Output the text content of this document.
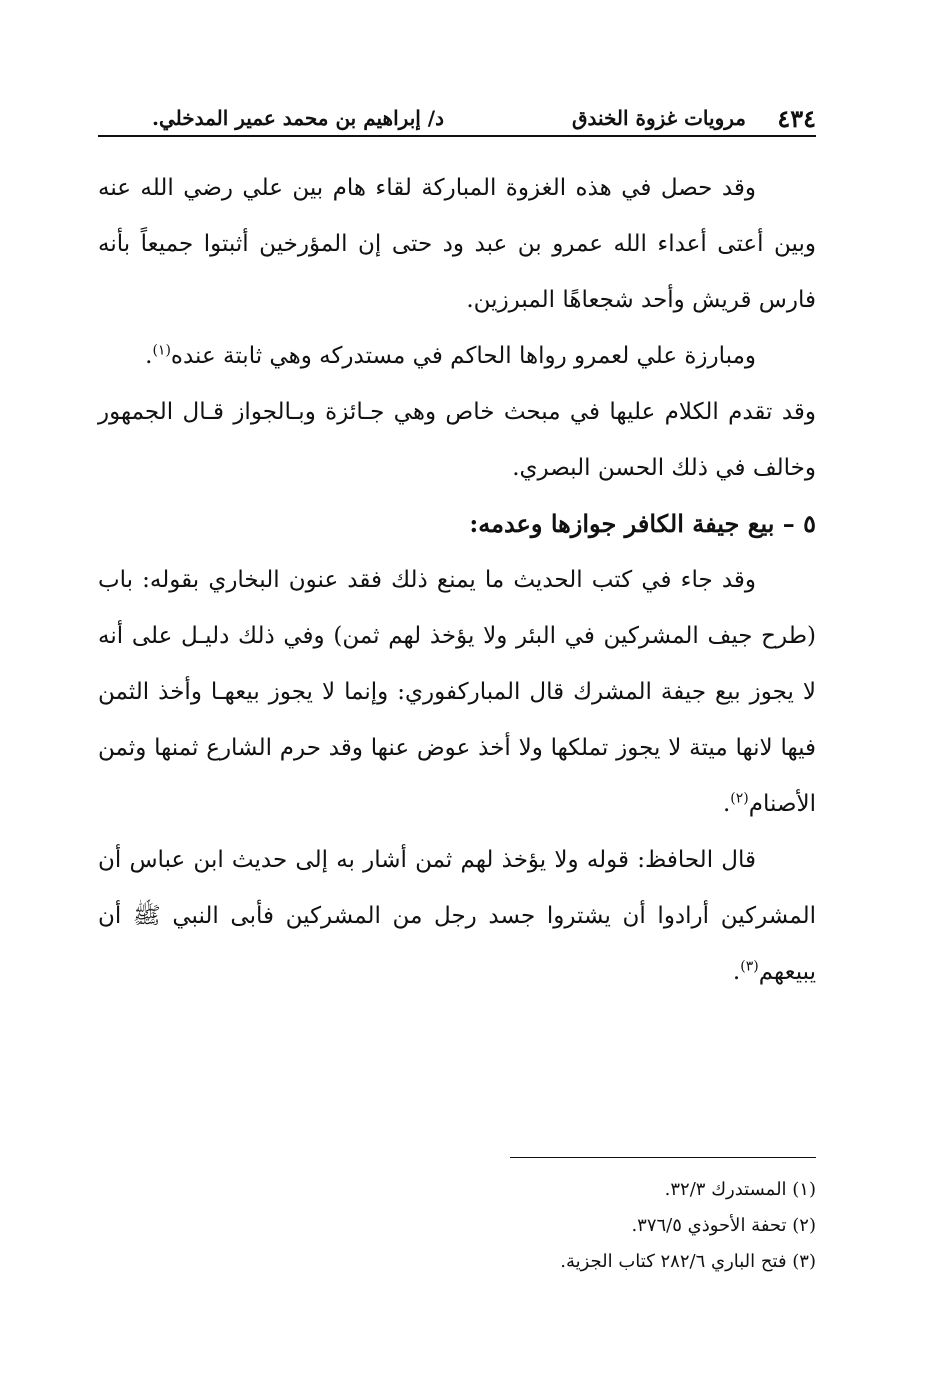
٤٣٤
مرويات غزوة الخندق
د/ إبراهيم بن محمد عمير المدخلي.

وقد حصل في هذه الغزوة المباركة لقاء هام بين علي رضي الله عنه وبين أعتى أعداء الله عمرو بن عبد ود حتى إن المؤرخين أثبتوا جميعاً بأنه فارس قريش وأحد شجعاهًا المبرزين.

ومبارزة علي لعمرو رواها الحاكم في مستدركه وهي ثابتة عنده$^{(١)}$.

وقد تقدم الكلام عليها في مبحث خاص وهي جـائزة وبـالجواز قـال الجمهور وخالف في ذلك الحسن البصري.

٥ – بيع جيفة الكافر جوازها وعدمه:

وقد جاء في كتب الحديث ما يمنع ذلك فقد عنون البخاري بقوله: باب (طرح جيف المشركين في البئر ولا يؤخذ لهم ثمن) وفي ذلك دليـل على أنه لا يجوز بيع جيفة المشرك قال المباركفوري: وإنما لا يجوز بيعهـا وأخذ الثمن فيها لانها ميتة لا يجوز تملكها ولا أخذ عوض عنها وقد حرم الشارع ثمنها وثمن الأصنام$^{(٢)}$.

قال الحافظ: قوله ولا يؤخذ لهم ثمن أشار به إلى حديث ابن عباس أن المشركين أرادوا أن يشتروا جسد رجل من المشركين فأبى النبي ﷺ أن يبيعهم$^{(٣)}$.

(١) المستدرك ٣٢/٣.
(٢) تحفة الأحوذي ٣٧٦/٥.
(٣) فتح الباري ٢٨٢/٦ كتاب الجزية.
